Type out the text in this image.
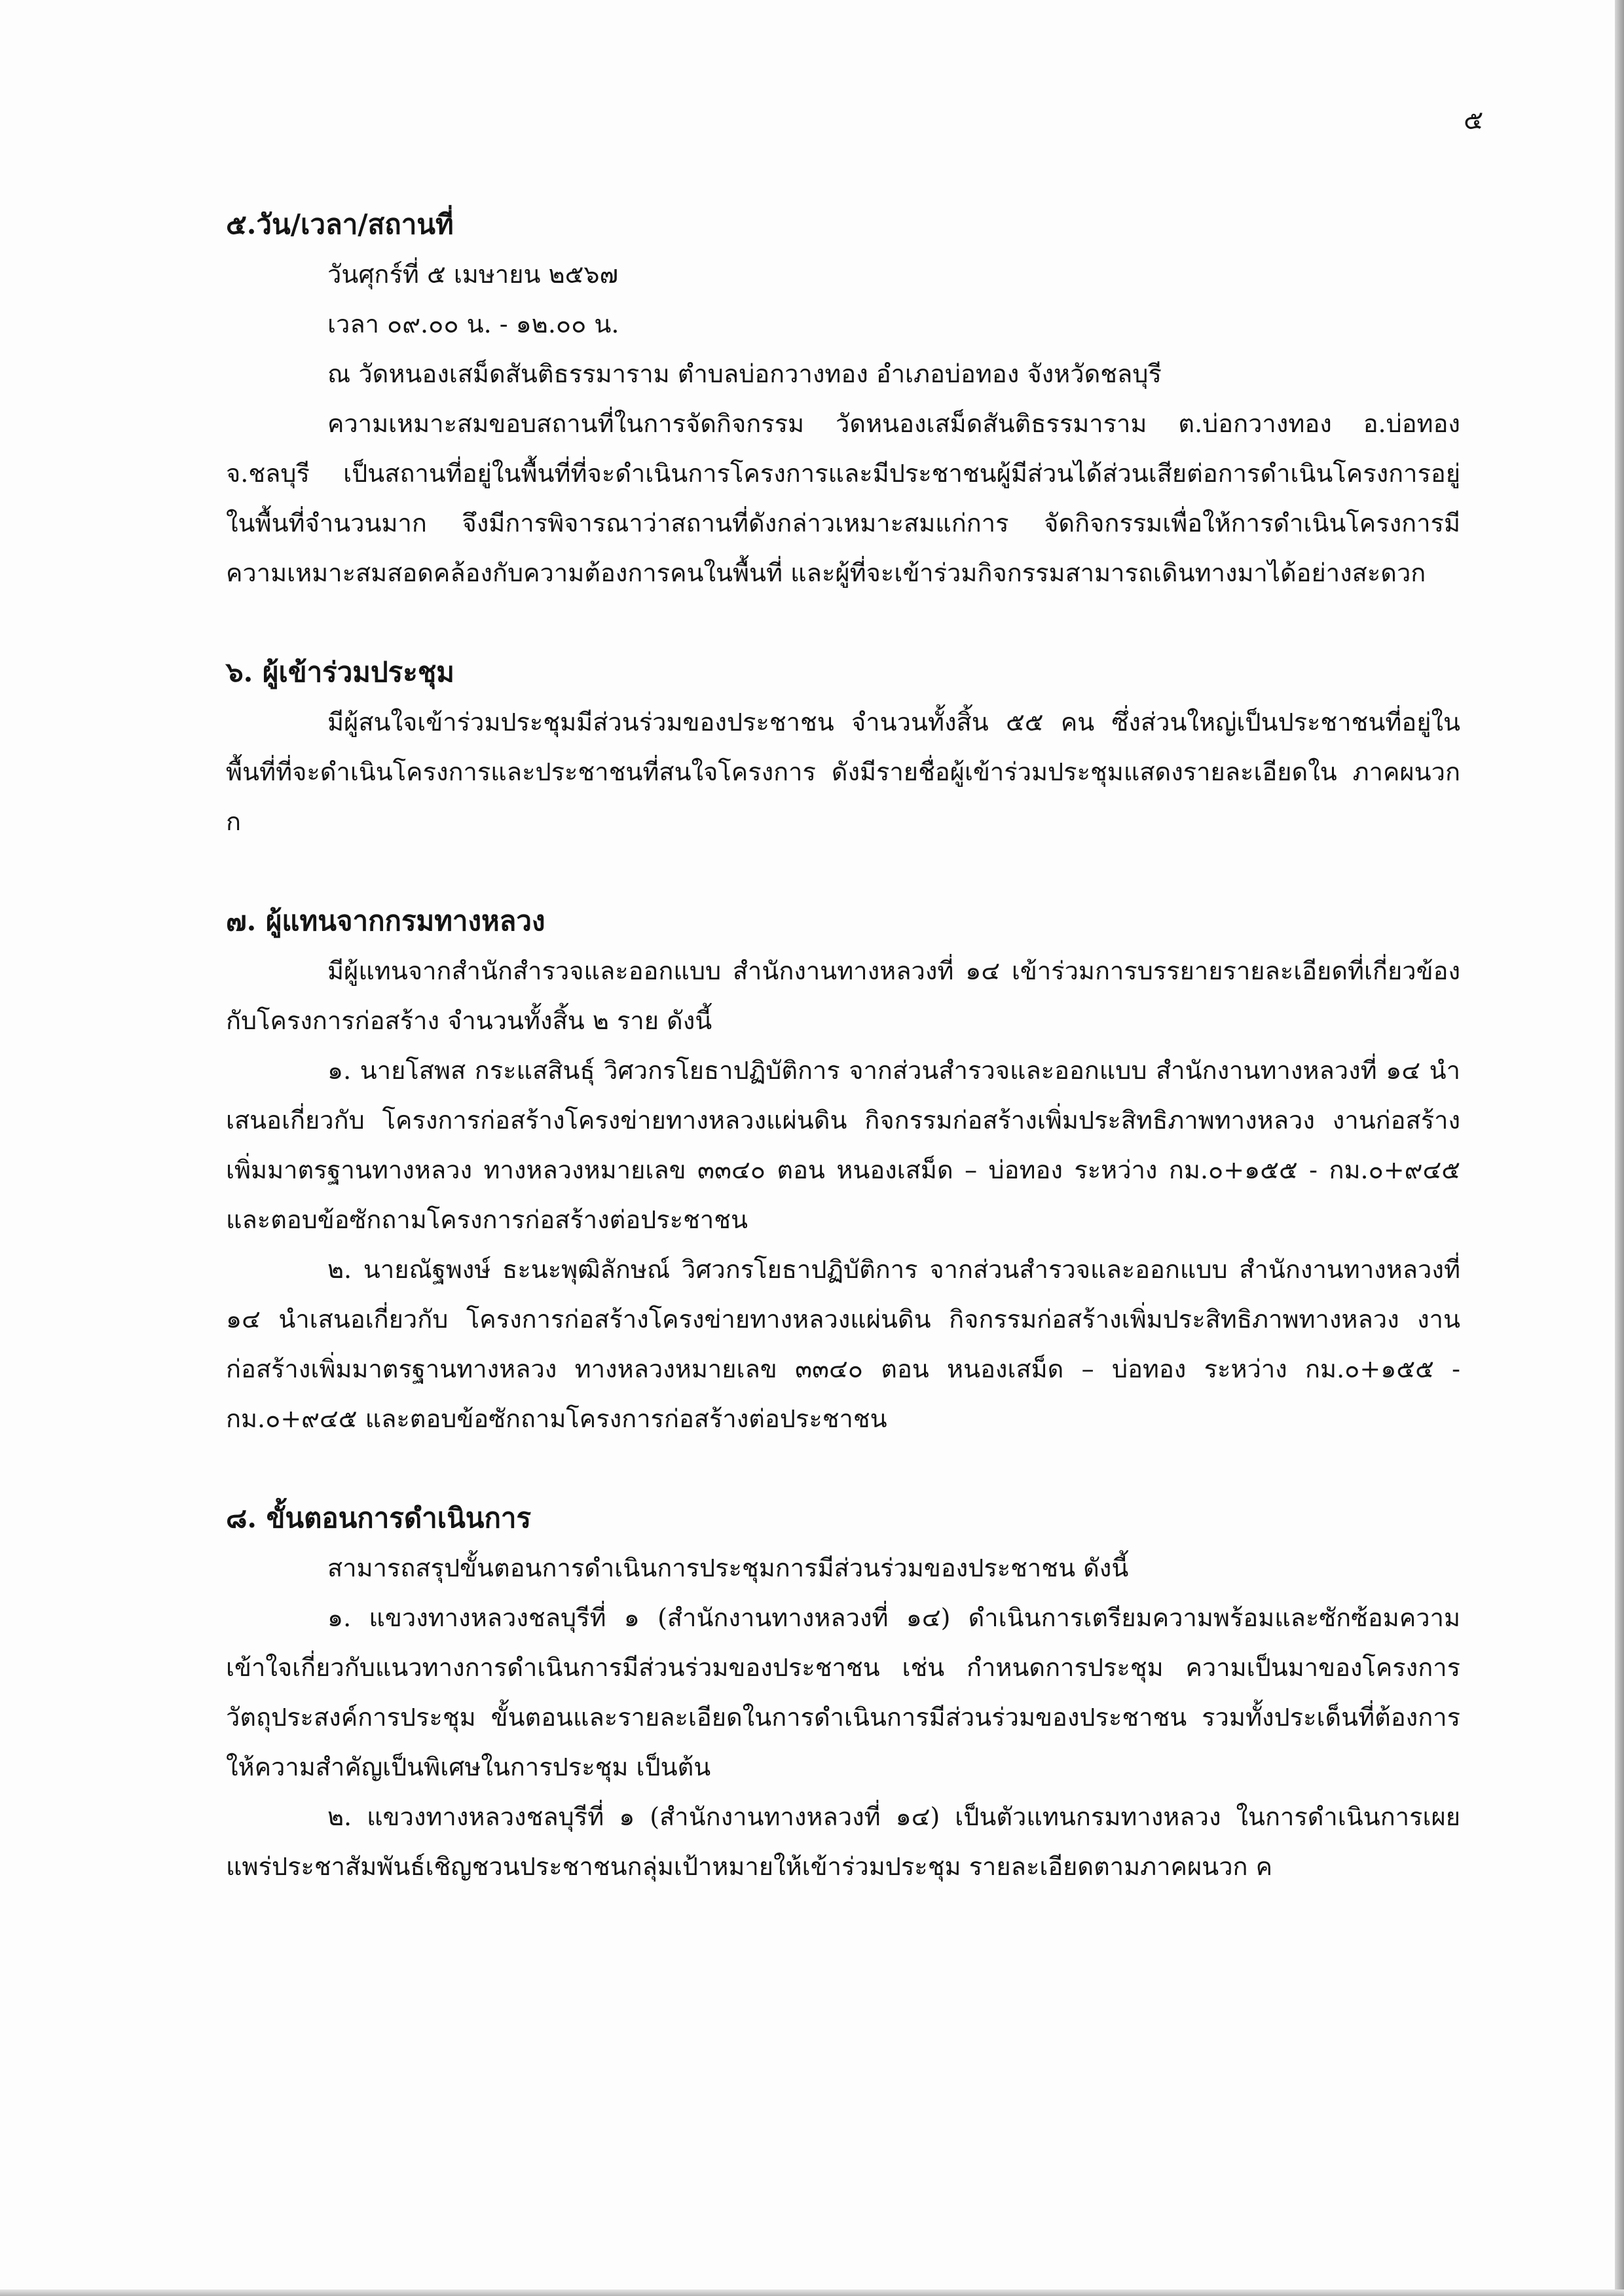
๕

๕.วัน/เวลา/สถานที่

วันศุกร์ที่ ๕ เมษายน ๒๕๖๗

เวลา ๐๙.๐๐ น. - ๑๒.๐๐ น.

ณ วัดหนองเสม็ดสันติธรรมาราม ตำบลบ่อกวางทอง อำเภอบ่อทอง จังหวัดชลบุรี

ความเหมาะสมขอบสถานที่ในการจัดกิจกรรม วัดหนองเสม็ดสันติธรรมาราม ต.บ่อกวางทอง อ.บ่อทอง จ.ชลบุรี เป็นสถานที่อยู่ในพื้นที่ที่จะดำเนินการโครงการและมีประชาชนผู้มีส่วนได้ส่วนเสียต่อการดำเนินโครงการอยู่ในพื้นที่จำนวนมาก จึงมีการพิจารณาว่าสถานที่ดังกล่าวเหมาะสมแก่การ จัดกิจกรรมเพื่อให้การดำเนินโครงการมีความเหมาะสมสอดคล้องกับความต้องการคนในพื้นที่ และผู้ที่จะเข้าร่วมกิจกรรมสามารถเดินทางมาได้อย่างสะดวก

๖. ผู้เข้าร่วมประชุม

มีผู้สนใจเข้าร่วมประชุมมีส่วนร่วมของประชาชน จำนวนทั้งสิ้น ๕๕ คน ซึ่งส่วนใหญ่เป็นประชาชนที่อยู่ในพื้นที่ที่จะดำเนินโครงการและประชาชนที่สนใจโครงการ ดังมีรายชื่อผู้เข้าร่วมประชุมแสดงรายละเอียดใน ภาคผนวก ก

๗. ผู้แทนจากกรมทางหลวง

มีผู้แทนจากสำนักสำรวจและออกแบบ สำนักงานทางหลวงที่ ๑๔ เข้าร่วมการบรรยายรายละเอียดที่เกี่ยวข้องกับโครงการก่อสร้าง จำนวนทั้งสิ้น ๒ ราย ดังนี้

๑. นายโสพส กระแสสินธุ์ วิศวกรโยธาปฏิบัติการ จากส่วนสำรวจและออกแบบ สำนักงานทางหลวงที่ ๑๔ นำเสนอเกี่ยวกับ โครงการก่อสร้างโครงข่ายทางหลวงแผ่นดิน กิจกรรมก่อสร้างเพิ่มประสิทธิภาพทางหลวง งานก่อสร้างเพิ่มมาตรฐานทางหลวง ทางหลวงหมายเลข ๓๓๔๐ ตอน หนองเสม็ด – บ่อทอง ระหว่าง กม.๐+๑๕๕ - กม.๐+๙๔๕ และตอบข้อซักถามโครงการก่อสร้างต่อประชาชน

๒. นายณัฐพงษ์ ธะนะพุฒิลักษณ์ วิศวกรโยธาปฏิบัติการ จากส่วนสำรวจและออกแบบ สำนักงานทางหลวงที่ ๑๔ นำเสนอเกี่ยวกับ โครงการก่อสร้างโครงข่ายทางหลวงแผ่นดิน กิจกรรมก่อสร้างเพิ่มประสิทธิภาพทางหลวง งานก่อสร้างเพิ่มมาตรฐานทางหลวง ทางหลวงหมายเลข ๓๓๔๐ ตอน หนองเสม็ด – บ่อทอง ระหว่าง กม.๐+๑๕๕ - กม.๐+๙๔๕ และตอบข้อซักถามโครงการก่อสร้างต่อประชาชน

๘. ขั้นตอนการดำเนินการ

สามารถสรุปขั้นตอนการดำเนินการประชุมการมีส่วนร่วมของประชาชน ดังนี้

๑. แขวงทางหลวงชลบุรีที่ ๑ (สำนักงานทางหลวงที่ ๑๔) ดำเนินการเตรียมความพร้อมและซักซ้อมความเข้าใจเกี่ยวกับแนวทางการดำเนินการมีส่วนร่วมของประชาชน เช่น กำหนดการประชุม ความเป็นมาของโครงการ วัตถุประสงค์การประชุม ขั้นตอนและรายละเอียดในการดำเนินการมีส่วนร่วมของประชาชน รวมทั้งประเด็นที่ต้องการให้ความสำคัญเป็นพิเศษในการประชุม เป็นต้น

๒. แขวงทางหลวงชลบุรีที่ ๑ (สำนักงานทางหลวงที่ ๑๔) เป็นตัวแทนกรมทางหลวง ในการดำเนินการเผยแพร่ประชาสัมพันธ์เชิญชวนประชาชนกลุ่มเป้าหมายให้เข้าร่วมประชุม รายละเอียดตามภาคผนวก ค
